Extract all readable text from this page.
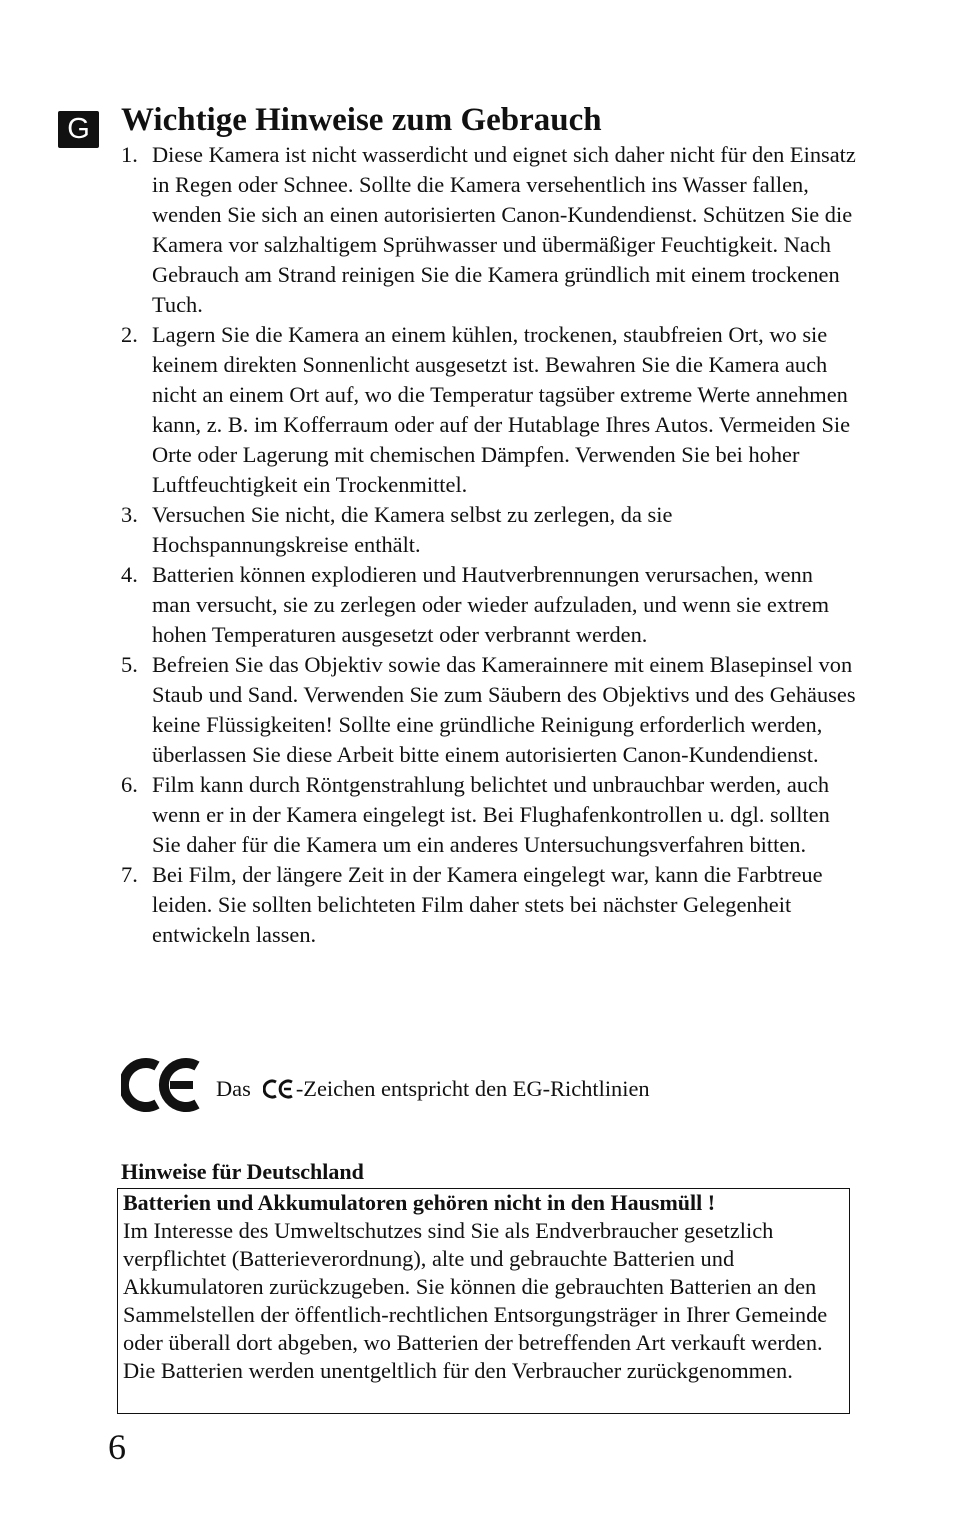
G Wichtige Hinweise zum Gebrauch
1. Diese Kamera ist nicht wasserdicht und eignet sich daher nicht für den Einsatz in Regen oder Schnee. Sollte die Kamera versehentlich ins Wasser fallen, wenden Sie sich an einen autorisierten Canon-Kundendienst. Schützen Sie die Kamera vor salzhaltigem Sprühwasser und übermäßiger Feuchtigkeit. Nach Gebrauch am Strand reinigen Sie die Kamera gründlich mit einem trockenen Tuch.
2. Lagern Sie die Kamera an einem kühlen, trockenen, staubfreien Ort, wo sie keinem direkten Sonnenlicht ausgesetzt ist. Bewahren Sie die Kamera auch nicht an einem Ort auf, wo die Temperatur tagsüber extreme Werte annehmen kann, z. B. im Kofferraum oder auf der Hutablage Ihres Autos. Vermeiden Sie Orte oder Lagerung mit chemischen Dämpfen. Verwenden Sie bei hoher Luftfeuchtigkeit ein Trockenmittel.
3. Versuchen Sie nicht, die Kamera selbst zu zerlegen, da sie Hochspannungskreise enthält.
4. Batterien können explodieren und Hautverbrennungen verursachen, wenn man versucht, sie zu zerlegen oder wieder aufzuladen, und wenn sie extrem hohen Temperaturen ausgesetzt oder verbrannt werden.
5. Befreien Sie das Objektiv sowie das Kamerainnere mit einem Blasepinsel von Staub und Sand. Verwenden Sie zum Säubern des Objektivs und des Gehäuses keine Flüssigkeiten! Sollte eine gründliche Reinigung erforderlich werden, überlassen Sie diese Arbeit bitte einem autorisierten Canon-Kundendienst.
6. Film kann durch Röntgenstrahlung belichtet und unbrauchbar werden, auch wenn er in der Kamera eingelegt ist. Bei Flughafenkontrollen u. dgl. sollten Sie daher für die Kamera um ein anderes Untersuchungsverfahren bitten.
7. Bei Film, der längere Zeit in der Kamera eingelegt war, kann die Farbtreue leiden. Sie sollten belichteten Film daher stets bei nächster Gelegenheit entwickeln lassen.
Das -Zeichen entspricht den EG-Richtlinien
Hinweise für Deutschland

Batterien und Akkumulatoren gehören nicht in den Hausmüll !

Im Interesse des Umweltschutzes sind Sie als Endverbraucher gesetzlich verpflichtet (Batterieverordnung), alte und gebrauchte Batterien und Akkumulatoren zurückzugeben. Sie können die gebrauchten Batterien an den Sammelstellen der öffentlich-rechtlichen Entsorgungsträger in Ihrer Gemeinde oder überall dort abgeben, wo Batterien der betreffenden Art verkauft werden. Die Batterien werden unentgeltlich für den Verbraucher zurückgenommen.

6
